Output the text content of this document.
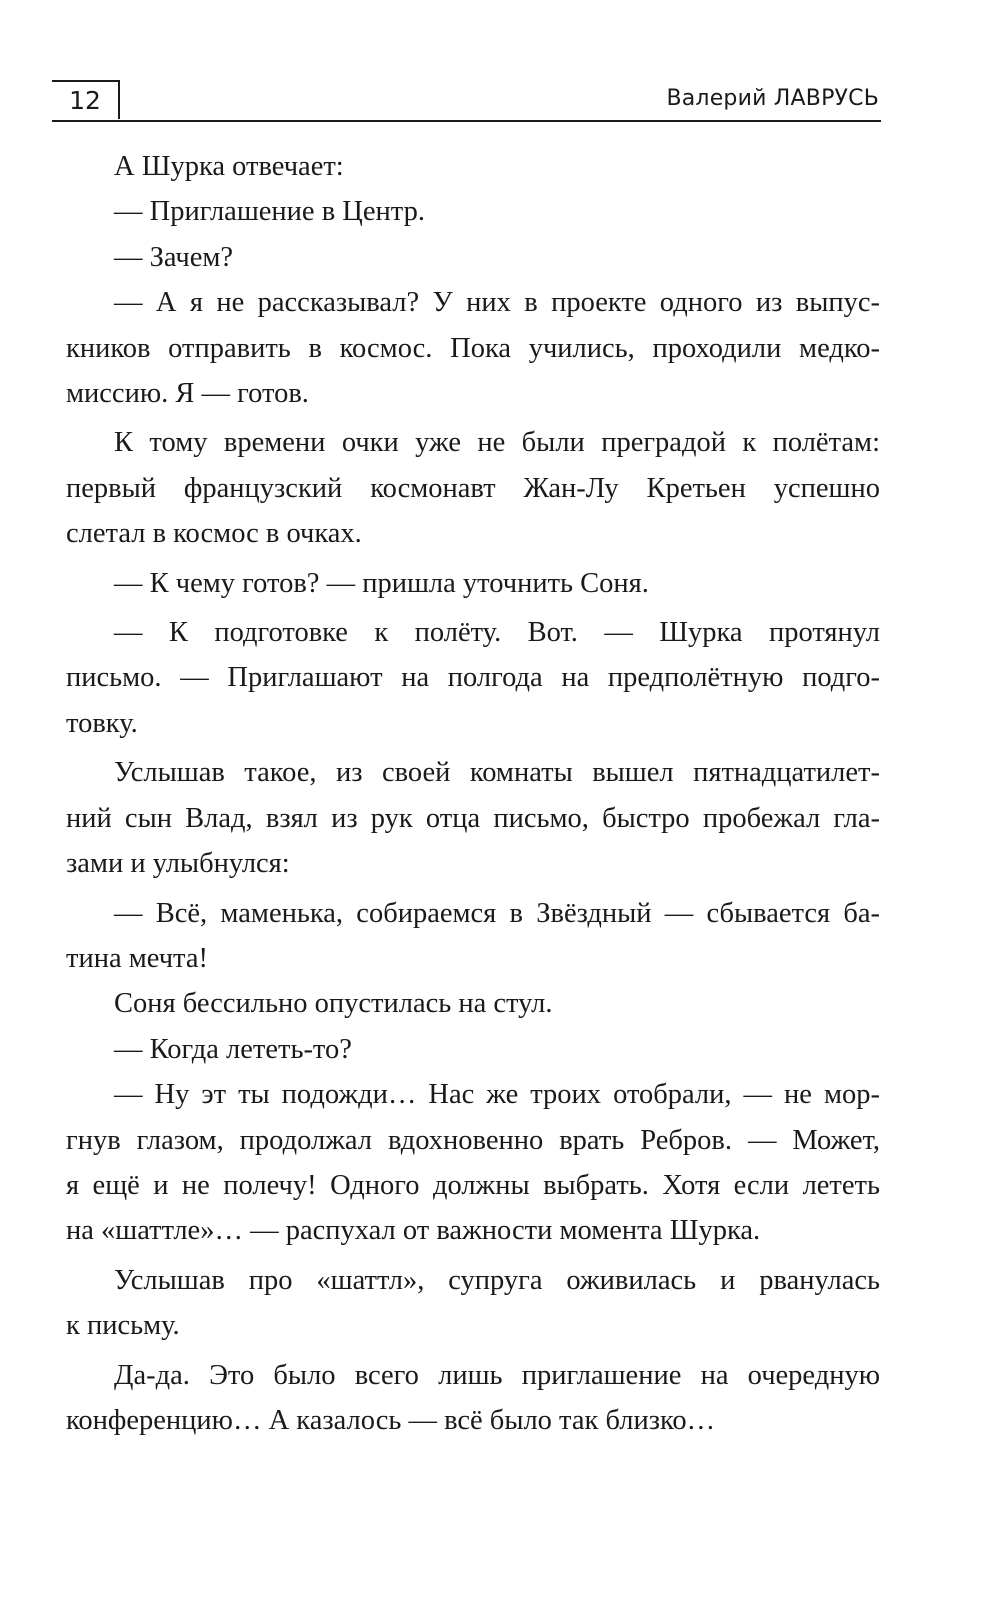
12	Валерий ЛАВРУСЬ
А Шурка отвечает:
— Приглашение в Центр.
— Зачем?
— А я не рассказывал? У них в проекте одного из выпус-
кников отправить в космос. Пока учились, проходили медко-
миссию. Я — готов.
К тому времени очки уже не были преградой к полётам:
первый французский космонавт Жан-Лу Кретьен успешно
слетал в космос в очках.
— К чему готов? — пришла уточнить Соня.
— К подготовке к полёту. Вот. — Шурка протянул
письмо. — Приглашают на полгода на предполётную подго-
товку.
Услышав такое, из своей комнаты вышел пятнадцатилет-
ний сын Влад, взял из рук отца письмо, быстро пробежал гла-
зами и улыбнулся:
— Всё, маменька, собираемся в Звёздный — сбывается ба-
тина мечта!
Соня бессильно опустилась на стул.
— Когда лететь-то?
— Ну эт ты подожди… Нас же троих отобрали, — не мор-
гнув глазом, продолжал вдохновенно врать Ребров. — Может,
я ещё и не полечу! Одного должны выбрать. Хотя если лететь
на «шаттле»… — распухал от важности момента Шурка.
Услышав про «шаттл», супруга оживилась и рванулась
к письму.
Да-да. Это было всего лишь приглашение на очередную
конференцию… А казалось — всё было так близко…
